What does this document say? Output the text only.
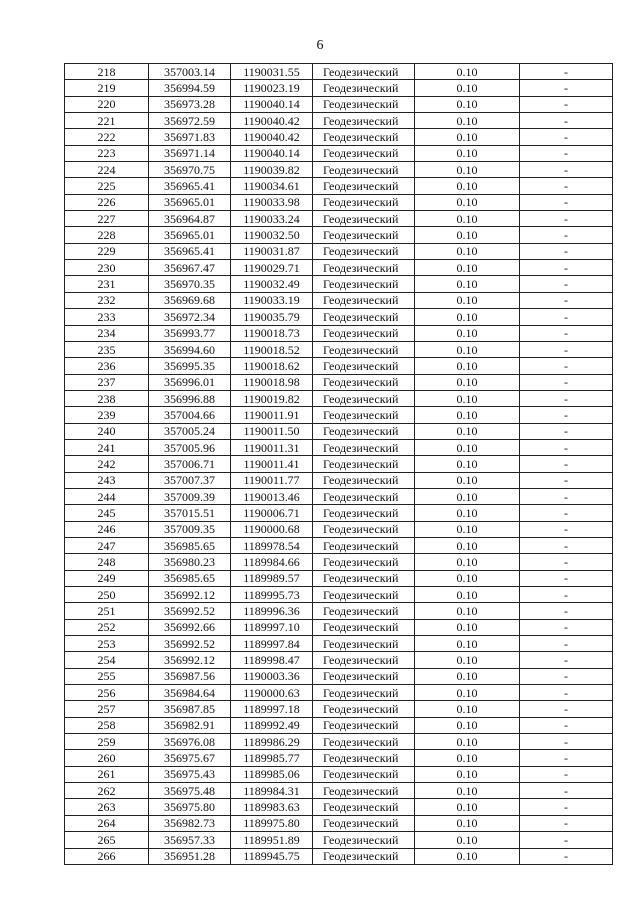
6
218	357003.14	1190031.55	Геодезический	0.10	-
219	356994.59	1190023.19	Геодезический	0.10	-
220	356973.28	1190040.14	Геодезический	0.10	-
221	356972.59	1190040.42	Геодезический	0.10	-
222	356971.83	1190040.42	Геодезический	0.10	-
223	356971.14	1190040.14	Геодезический	0.10	-
224	356970.75	1190039.82	Геодезический	0.10	-
225	356965.41	1190034.61	Геодезический	0.10	-
226	356965.01	1190033.98	Геодезический	0.10	-
227	356964.87	1190033.24	Геодезический	0.10	-
228	356965.01	1190032.50	Геодезический	0.10	-
229	356965.41	1190031.87	Геодезический	0.10	-
230	356967.47	1190029.71	Геодезический	0.10	-
231	356970.35	1190032.49	Геодезический	0.10	-
232	356969.68	1190033.19	Геодезический	0.10	-
233	356972.34	1190035.79	Геодезический	0.10	-
234	356993.77	1190018.73	Геодезический	0.10	-
235	356994.60	1190018.52	Геодезический	0.10	-
236	356995.35	1190018.62	Геодезический	0.10	-
237	356996.01	1190018.98	Геодезический	0.10	-
238	356996.88	1190019.82	Геодезический	0.10	-
239	357004.66	1190011.91	Геодезический	0.10	-
240	357005.24	1190011.50	Геодезический	0.10	-
241	357005.96	1190011.31	Геодезический	0.10	-
242	357006.71	1190011.41	Геодезический	0.10	-
243	357007.37	1190011.77	Геодезический	0.10	-
244	357009.39	1190013.46	Геодезический	0.10	-
245	357015.51	1190006.71	Геодезический	0.10	-
246	357009.35	1190000.68	Геодезический	0.10	-
247	356985.65	1189978.54	Геодезический	0.10	-
248	356980.23	1189984.66	Геодезический	0.10	-
249	356985.65	1189989.57	Геодезический	0.10	-
250	356992.12	1189995.73	Геодезический	0.10	-
251	356992.52	1189996.36	Геодезический	0.10	-
252	356992.66	1189997.10	Геодезический	0.10	-
253	356992.52	1189997.84	Геодезический	0.10	-
254	356992.12	1189998.47	Геодезический	0.10	-
255	356987.56	1190003.36	Геодезический	0.10	-
256	356984.64	1190000.63	Геодезический	0.10	-
257	356987.85	1189997.18	Геодезический	0.10	-
258	356982.91	1189992.49	Геодезический	0.10	-
259	356976.08	1189986.29	Геодезический	0.10	-
260	356975.67	1189985.77	Геодезический	0.10	-
261	356975.43	1189985.06	Геодезический	0.10	-
262	356975.48	1189984.31	Геодезический	0.10	-
263	356975.80	1189983.63	Геодезический	0.10	-
264	356982.73	1189975.80	Геодезический	0.10	-
265	356957.33	1189951.89	Геодезический	0.10	-
266	356951.28	1189945.75	Геодезический	0.10	-
